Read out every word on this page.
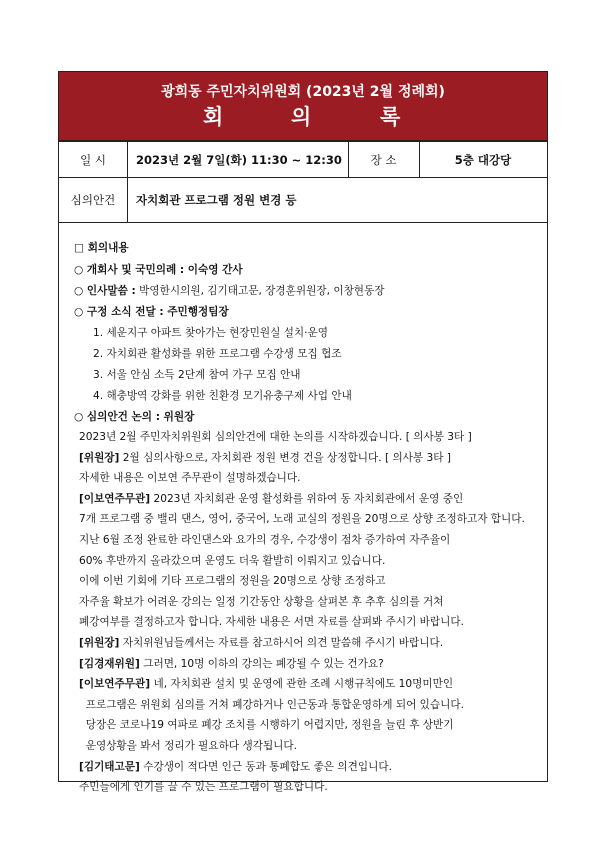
광희동 주민자치위원회 (2023년 2월 정례회)
회	의	록
일 시	2023년 2월 7일(화) 11:30 ~ 12:30	장 소	5층 대강당
심의안건	자치회관 프로그램 정원 변경 등
□ 회의내용
○ 개회사 및 국민의례 : 이숙영 간사
○ 인사말씀 : 박영한시의원, 김기태고문, 장경훈위원장, 이창현동장
○ 구정 소식 전달 : 주민행정팀장
1. 세운지구 아파트 찾아가는 현장민원실 설치·운영
2. 자치회관 활성화를 위한 프로그램 수강생 모집 협조
3. 서울 안심 소득 2단계 참여 가구 모집 안내
4. 해충방역 강화를 위한 친환경 모기유충구제 사업 안내
○ 심의안건 논의 : 위원장
2023년 2월 주민자치위원회 심의안건에 대한 논의를 시작하겠습니다. [ 의사봉 3타 ]
[위원장] 2월 심의사항으로, 자치회관 정원 변경 건을 상정합니다. [ 의사봉 3타 ]
자세한 내용은 이보연 주무관이 설명하겠습니다.
[이보연주무관] 2023년 자치회관 운영 활성화를 위하여 동 자치회관에서 운영 중인
7개 프로그램 중 밸리 댄스, 영어, 중국어, 노래 교실의 정원을 20명으로 상향 조정하고자 합니다.
지난 6월 조정 완료한 라인댄스와 요가의 경우, 수강생이 점차 증가하여 자주율이
60% 후반까지 올라갔으며 운영도 더욱 활발히 이뤄지고 있습니다.
이에 이번 기회에 기타 프로그램의 정원을 20명으로 상향 조정하고
자주율 확보가 어려운 강의는 일정 기간동안 상황을 살펴본 후 추후 심의를 거쳐
폐강여부를 결정하고자 합니다. 자세한 내용은 서면 자료를 살펴봐 주시기 바랍니다.
[위원장] 자치위원님들께서는 자료를 참고하시어 의견 말씀해 주시기 바랍니다.
[김경재위원] 그러면, 10명 이하의 강의는 폐강될 수 있는 건가요?
[이보연주무관] 네, 자치회관 설치 및 운영에 관한 조례 시행규칙에도 10명미만인
프로그램은 위원회 심의를 거쳐 폐강하거나 인근동과 통합운영하게 되어 있습니다.
당장은 코로나19 여파로 폐강 조치를 시행하기 어렵지만, 정원을 늘린 후 상반기
운영상황을 봐서 정리가 필요하다 생각됩니다.
[김기태고문] 수강생이 적다면 인근 동과 통폐합도 좋은 의견입니다.
주민들에게 인기를 끌 수 있는 프로그램이 필요합니다.
